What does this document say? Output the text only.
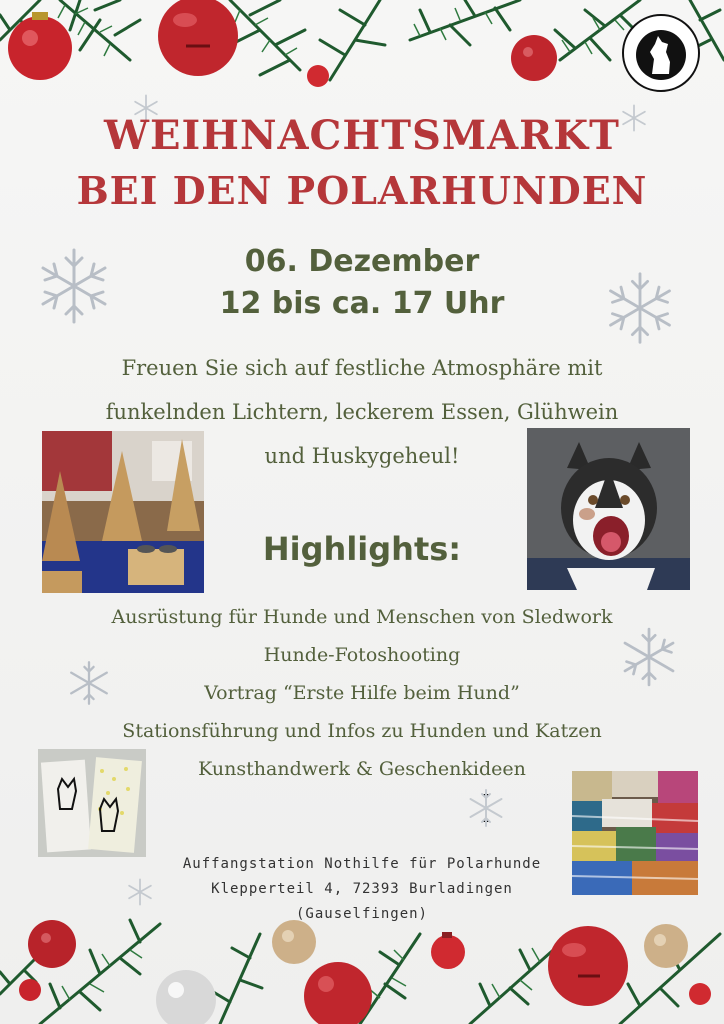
WEIHNACHTSMARKT
BEI DEN POLARHUNDEN

06. Dezember

12 bis ca. 17 Uhr

Freuen Sie sich auf festliche Atmosphäre mit
funkelnden Lichtern, leckerem Essen, Glühwein
und Huskygeheul!

Highlights:
Ausrüstung für Hunde und Menschen von Sledwork
Hunde-Fotoshooting
Vortrag “Erste Hilfe beim Hund”
Stationsführung und Infos zu Hunden und Katzen
Kunsthandwerk & Geschenkideen

Auffangstation Nothilfe für Polarhunde
Klepperteil 4, 72393 Burladingen
(Gauselfingen)
